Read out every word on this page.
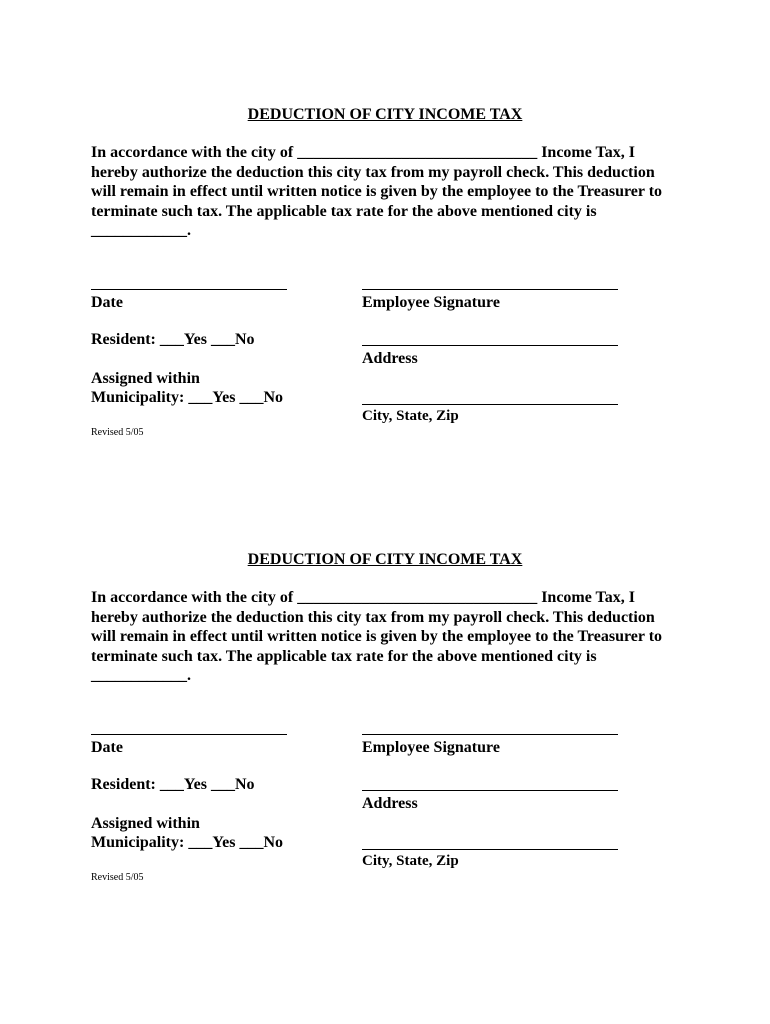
DEDUCTION OF CITY INCOME TAX
In accordance with the city of ______________________________ Income Tax, I
hereby authorize the deduction this city tax from my payroll check. This deduction
will remain in effect until written notice is given by the employee to the Treasurer to
terminate such tax. The applicable tax rate for the above mentioned city is
____________.
Date	Employee Signature
Resident: ___Yes ___No
Address
Assigned within
Municipality: ___Yes ___No
City, State, Zip
Revised 5/05
DEDUCTION OF CITY INCOME TAX
In accordance with the city of ______________________________ Income Tax, I
hereby authorize the deduction this city tax from my payroll check. This deduction
will remain in effect until written notice is given by the employee to the Treasurer to
terminate such tax. The applicable tax rate for the above mentioned city is
____________.
Date	Employee Signature
Resident: ___Yes ___No
Address
Assigned within
Municipality: ___Yes ___No
City, State, Zip
Revised 5/05
